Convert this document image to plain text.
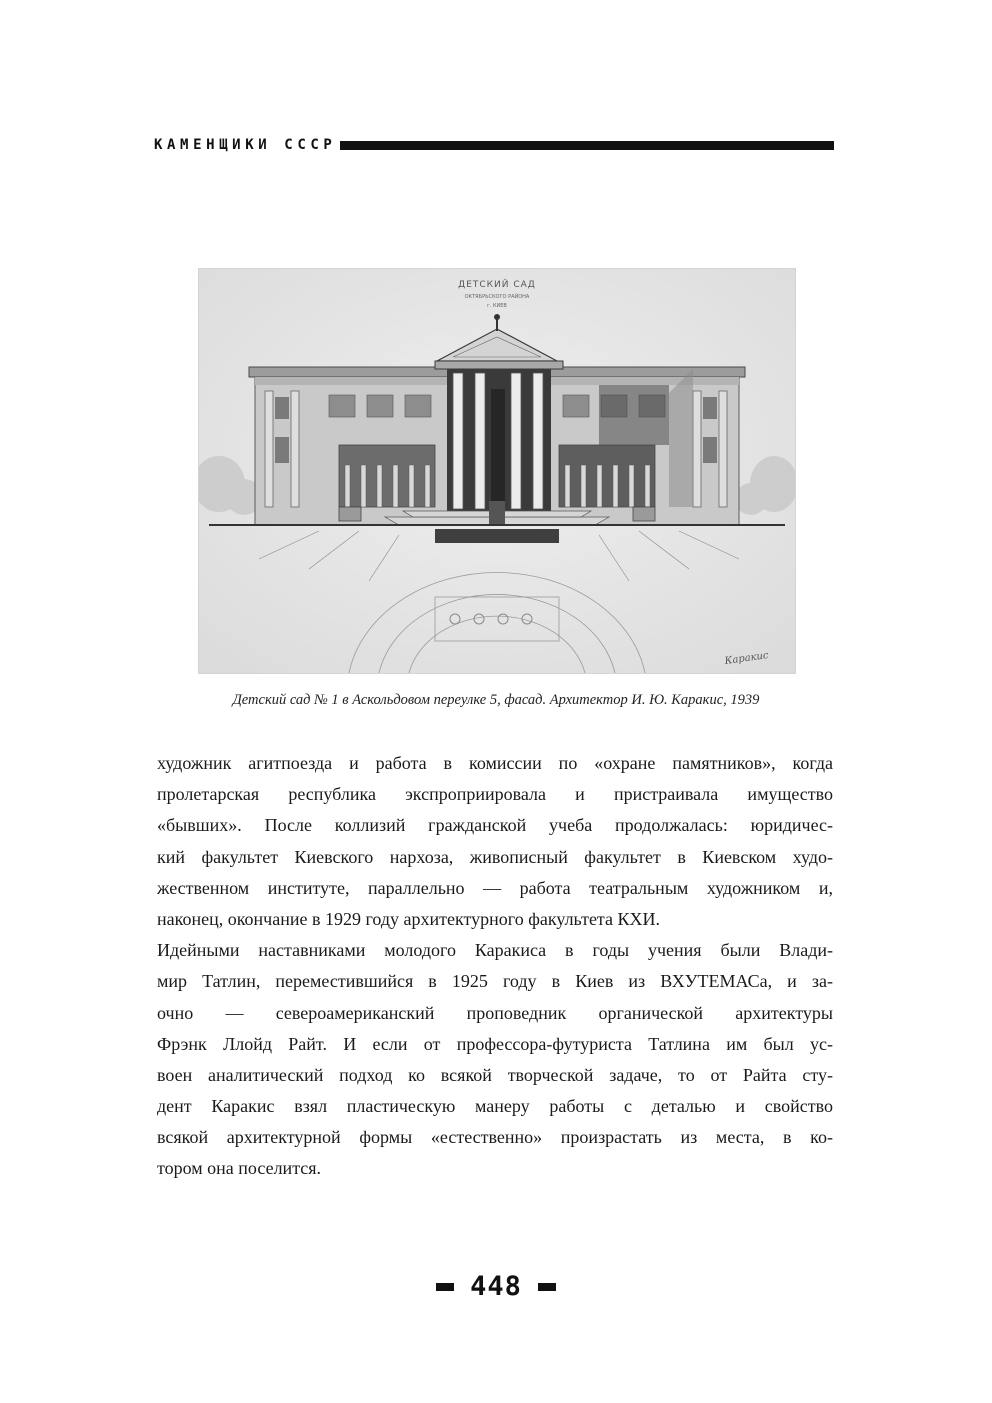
КАМЕНЩИКИ СССР
ДЕТСКИЙ САД
ОКТЯБРЬСКОГО РАЙОНА
г. КИЕВ
Каракис
Детский сад № 1 в Аскольдовом переулке 5, фасад. Архитектор И. Ю. Каракис, 1939
художник агитпоезда и работа в комиссии по «охране памятников», когда
пролетарская республика экспроприировала и пристраивала имущество
«бывших». После коллизий гражданской учеба продолжалась: юридичес-
кий факультет Киевского нархоза, живописный факультет в Киевском худо-
жественном институте, параллельно — работа театральным художником и,
наконец, окончание в 1929 году архитектурного факультета КХИ.
Идейными наставниками молодого Каракиса в годы учения были Влади-
мир Татлин, переместившийся в 1925 году в Киев из ВХУТЕМАСа, и за-
очно — североамериканский проповедник органической архитектуры
Фрэнк Ллойд Райт. И если от профессора-футуриста Татлина им был ус-
воен аналитический подход ко всякой творческой задаче, то от Райта сту-
дент Каракис взял пластическую манеру работы с деталью и свойство
всякой архитектурной формы «естественно» произрастать из места, в ко-
тором она поселится.
448
